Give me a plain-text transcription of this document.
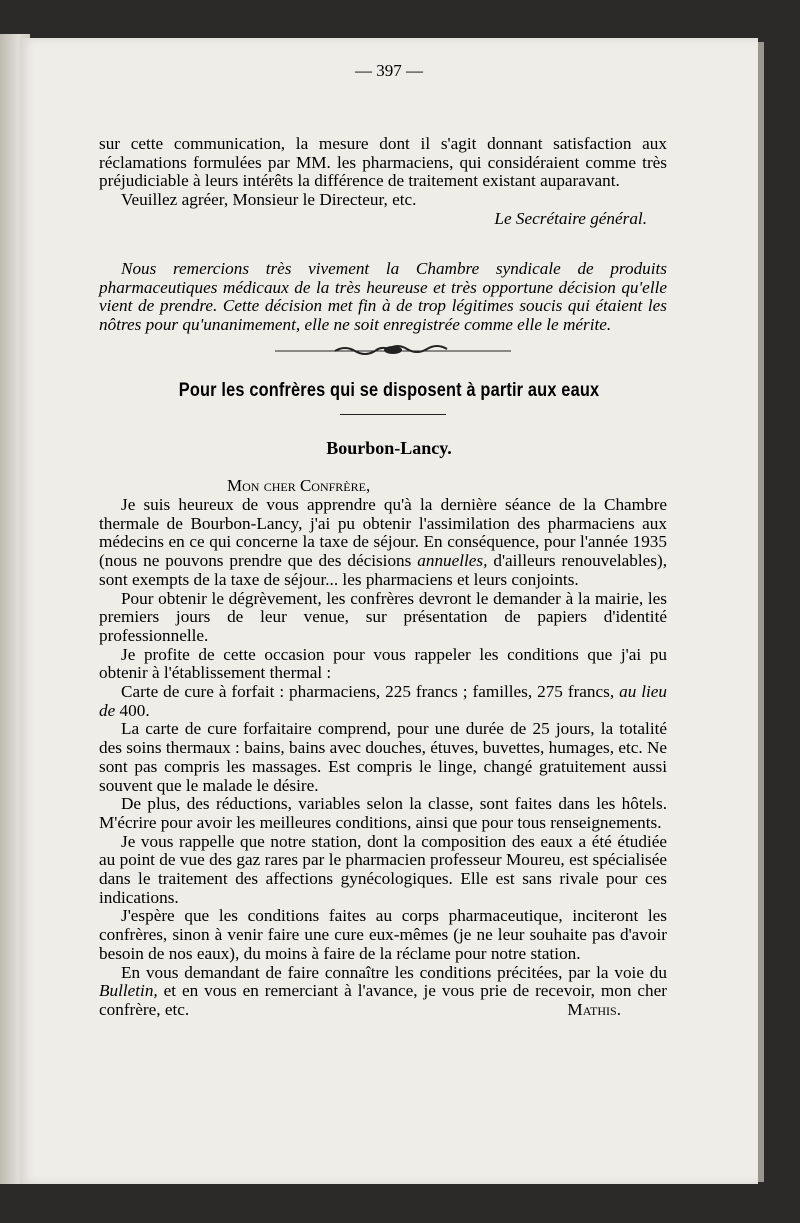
— 397 —

sur cette communication, la mesure dont il s'agit donnant satisfaction aux réclamations formulées par MM. les pharmaciens, qui considéraient comme très préjudiciable à leurs intérêts la différence de traitement existant auparavant.

Veuillez agréer, Monsieur le Directeur, etc.

Le Secrétaire général.

Nous remercions très vivement la Chambre syndicale de produits pharmaceutiques médicaux de la très heureuse et très opportune décision qu'elle vient de prendre. Cette décision met fin à de trop légitimes soucis qui étaient les nôtres pour qu'unanimement, elle ne soit enregistrée comme elle le mérite.

Pour les confrères qui se disposent à partir aux eaux
Bourbon-Lancy.
Mon cher Confrère,

Je suis heureux de vous apprendre qu'à la dernière séance de la Chambre thermale de Bourbon-Lancy, j'ai pu obtenir l'assimilation des pharmaciens aux médecins en ce qui concerne la taxe de séjour. En conséquence, pour l'année 1935 (nous ne pouvons prendre que des décisions annuelles, d'ailleurs renouvelables), sont exempts de la taxe de séjour... les pharmaciens et leurs conjoints.

Pour obtenir le dégrèvement, les confrères devront le demander à la mairie, les premiers jours de leur venue, sur présentation de papiers d'identité professionnelle.

Je profite de cette occasion pour vous rappeler les conditions que j'ai pu obtenir à l'établissement thermal :

Carte de cure à forfait : pharmaciens, 225 francs ; familles, 275 francs, au lieu de 400.

La carte de cure forfaitaire comprend, pour une durée de 25 jours, la totalité des soins thermaux : bains, bains avec douches, étuves, buvettes, humages, etc. Ne sont pas compris les massages. Est compris le linge, changé gratuitement aussi souvent que le malade le désire.

De plus, des réductions, variables selon la classe, sont faites dans les hôtels. M'écrire pour avoir les meilleures conditions, ainsi que pour tous renseignements.

Je vous rappelle que notre station, dont la composition des eaux a été étudiée au point de vue des gaz rares par le pharmacien professeur Moureu, est spécialisée dans le traitement des affections gynécologiques. Elle est sans rivale pour ces indications.

J'espère que les conditions faites au corps pharmaceutique, inciteront les confrères, sinon à venir faire une cure eux-mêmes (je ne leur souhaite pas d'avoir besoin de nos eaux), du moins à faire de la réclame pour notre station.

En vous demandant de faire connaître les conditions précitées, par la voie du Bulletin, et en vous en remerciant à l'avance, je vous prie de recevoir, mon cher confrère, etc.	Mathis.
